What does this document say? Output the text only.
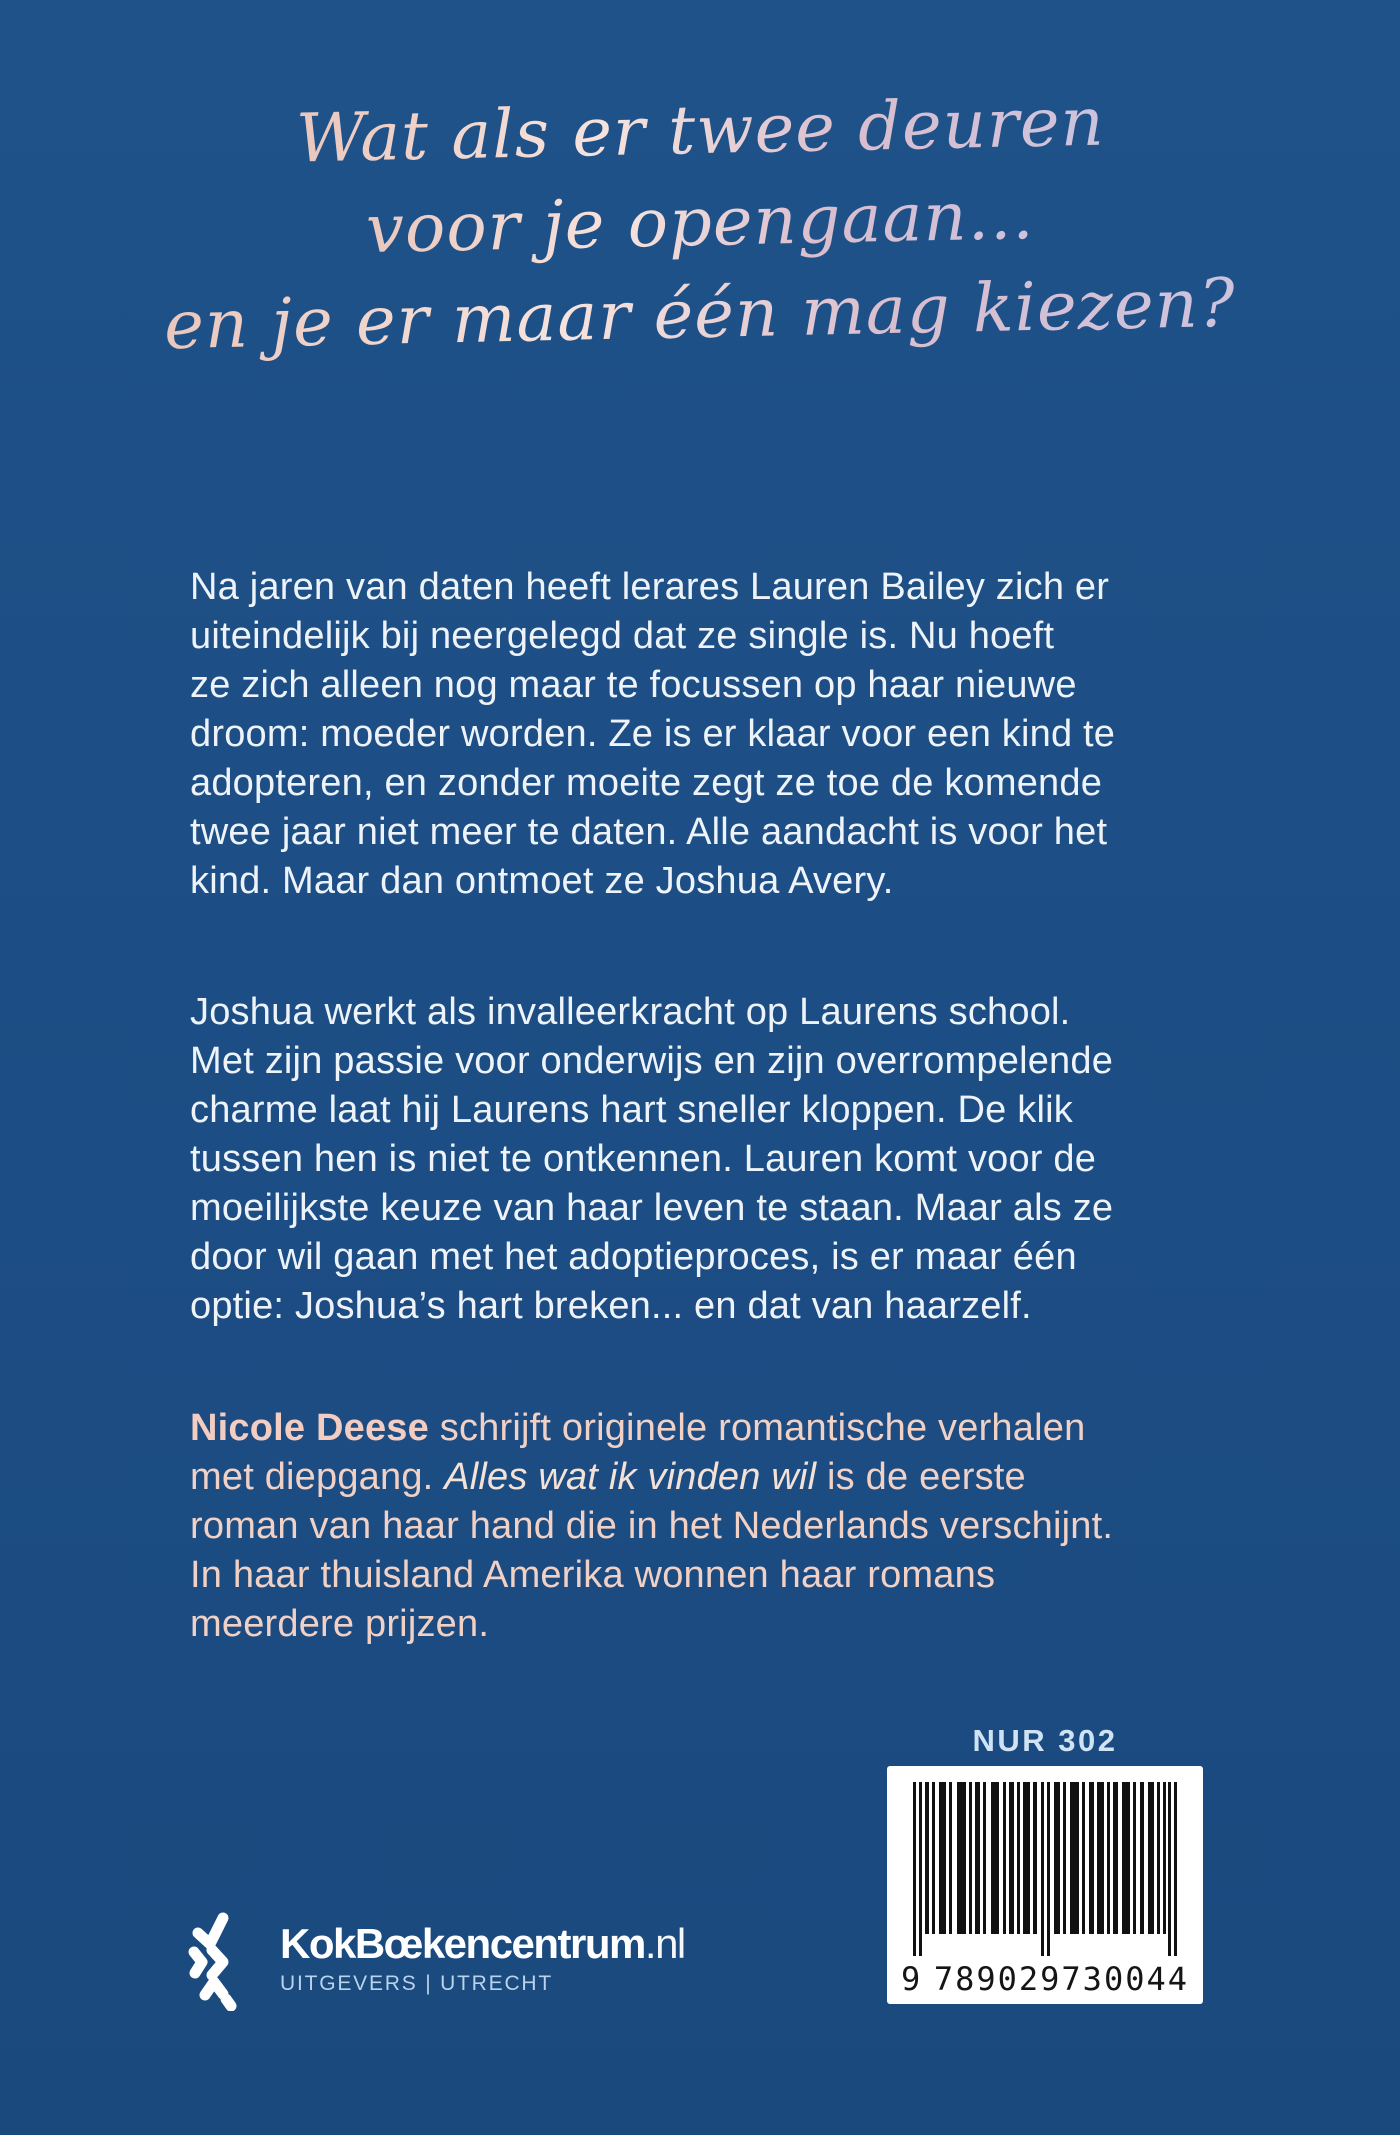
Wat als er twee deuren
voor je opengaan...
en je er maar één mag kiezen?

Na jaren van daten heeft lerares Lauren Bailey zich er
uiteindelijk bij neergelegd dat ze single is. Nu hoeft
ze zich alleen nog maar te focussen op haar nieuwe
droom: moeder worden. Ze is er klaar voor een kind te
adopteren, en zonder moeite zegt ze toe de komende
twee jaar niet meer te daten. Alle aandacht is voor het
kind. Maar dan ontmoet ze Joshua Avery.

Joshua werkt als invalleerkracht op Laurens school.
Met zijn passie voor onderwijs en zijn overrompelende
charme laat hij Laurens hart sneller kloppen. De klik
tussen hen is niet te ontkennen. Lauren komt voor de
moeilijkste keuze van haar leven te staan. Maar als ze
door wil gaan met het adoptieproces, is er maar één
optie: Joshua’s hart breken... en dat van haarzelf.

Nicole Deese schrijft originele romantische verhalen
met diepgang. Alles wat ik vinden wil is de eerste
roman van haar hand die in het Nederlands verschijnt.
In haar thuisland Amerika wonnen haar romans
meerdere prijzen.

NUR 302
9 789029 730044
KokBœkencentrum.nl
UITGEVERS | UTRECHT
